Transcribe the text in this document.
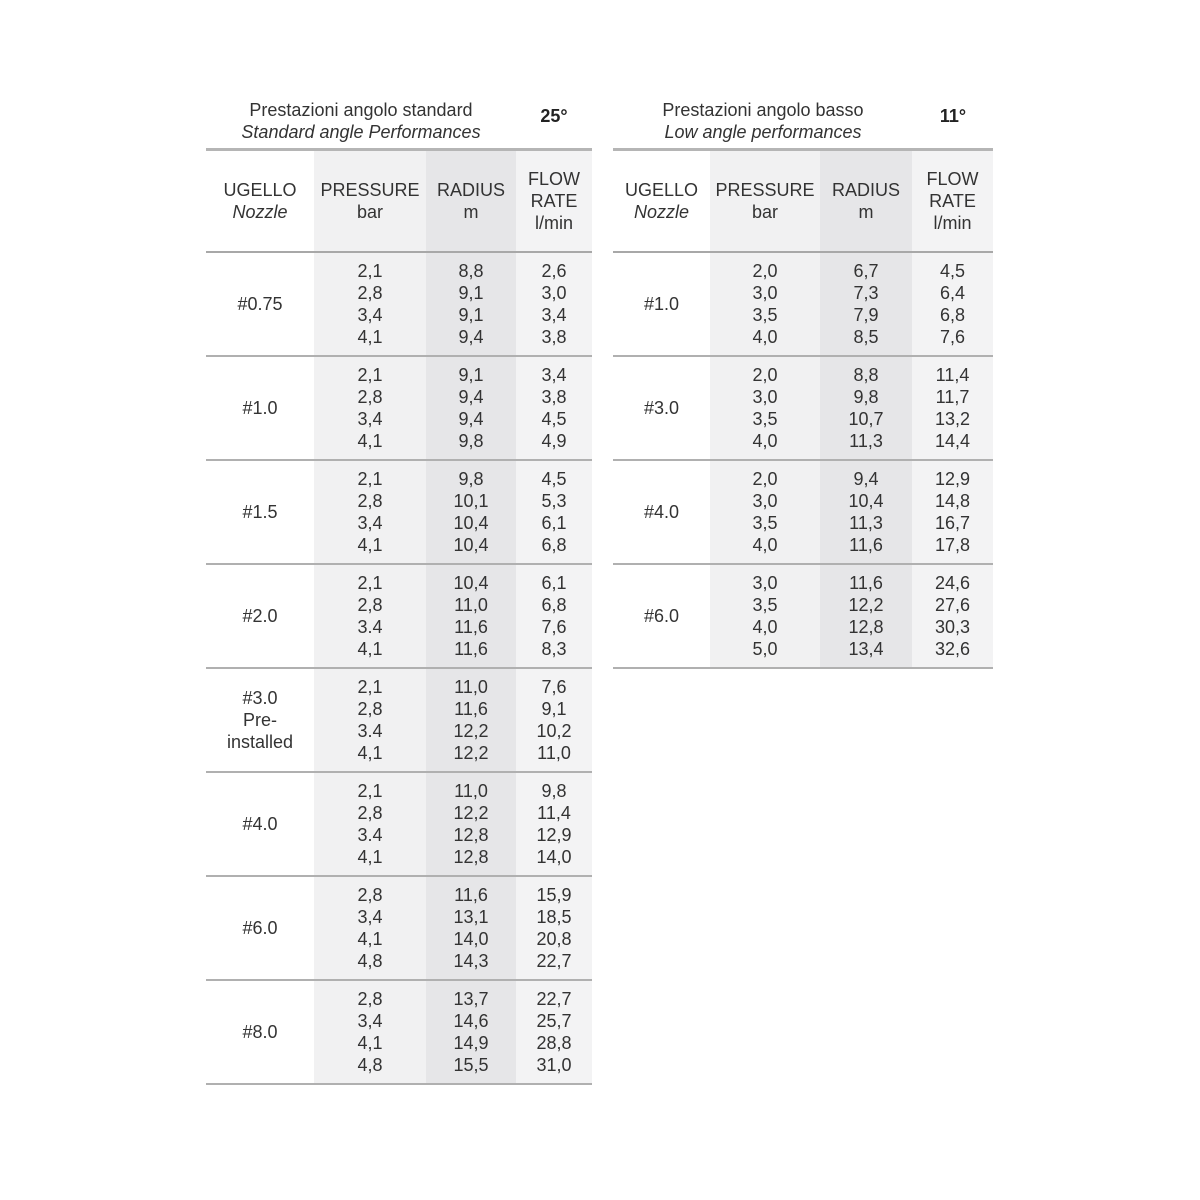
Prestazioni angolo standard
Standard angle Performances
25°
UGELLO
Nozzle
PRESSURE
bar
RADIUS
m
FLOW
RATE
l/min
#0.75
2,1
2,8
3,4
4,1
8,8
9,1
9,1
9,4
2,6
3,0
3,4
3,8
#1.0
2,1
2,8
3,4
4,1
9,1
9,4
9,4
9,8
3,4
3,8
4,5
4,9
#1.5
2,1
2,8
3,4
4,1
9,8
10,1
10,4
10,4
4,5
5,3
6,1
6,8
#2.0
2,1
2,8
3.4
4,1
10,4
11,0
11,6
11,6
6,1
6,8
7,6
8,3
#3.0
Pre-
installed
2,1
2,8
3.4
4,1
11,0
11,6
12,2
12,2
7,6
9,1
10,2
11,0
#4.0
2,1
2,8
3.4
4,1
11,0
12,2
12,8
12,8
9,8
11,4
12,9
14,0
#6.0
2,8
3,4
4,1
4,8
11,6
13,1
14,0
14,3
15,9
18,5
20,8
22,7
#8.0
2,8
3,4
4,1
4,8
13,7
14,6
14,9
15,5
22,7
25,7
28,8
31,0
Prestazioni angolo basso
Low angle performances
11°
UGELLO
Nozzle
PRESSURE
bar
RADIUS
m
FLOW
RATE
l/min
#1.0
2,0
3,0
3,5
4,0
6,7
7,3
7,9
8,5
4,5
6,4
6,8
7,6
#3.0
2,0
3,0
3,5
4,0
8,8
9,8
10,7
11,3
11,4
11,7
13,2
14,4
#4.0
2,0
3,0
3,5
4,0
9,4
10,4
11,3
11,6
12,9
14,8
16,7
17,8
#6.0
3,0
3,5
4,0
5,0
11,6
12,2
12,8
13,4
24,6
27,6
30,3
32,6
